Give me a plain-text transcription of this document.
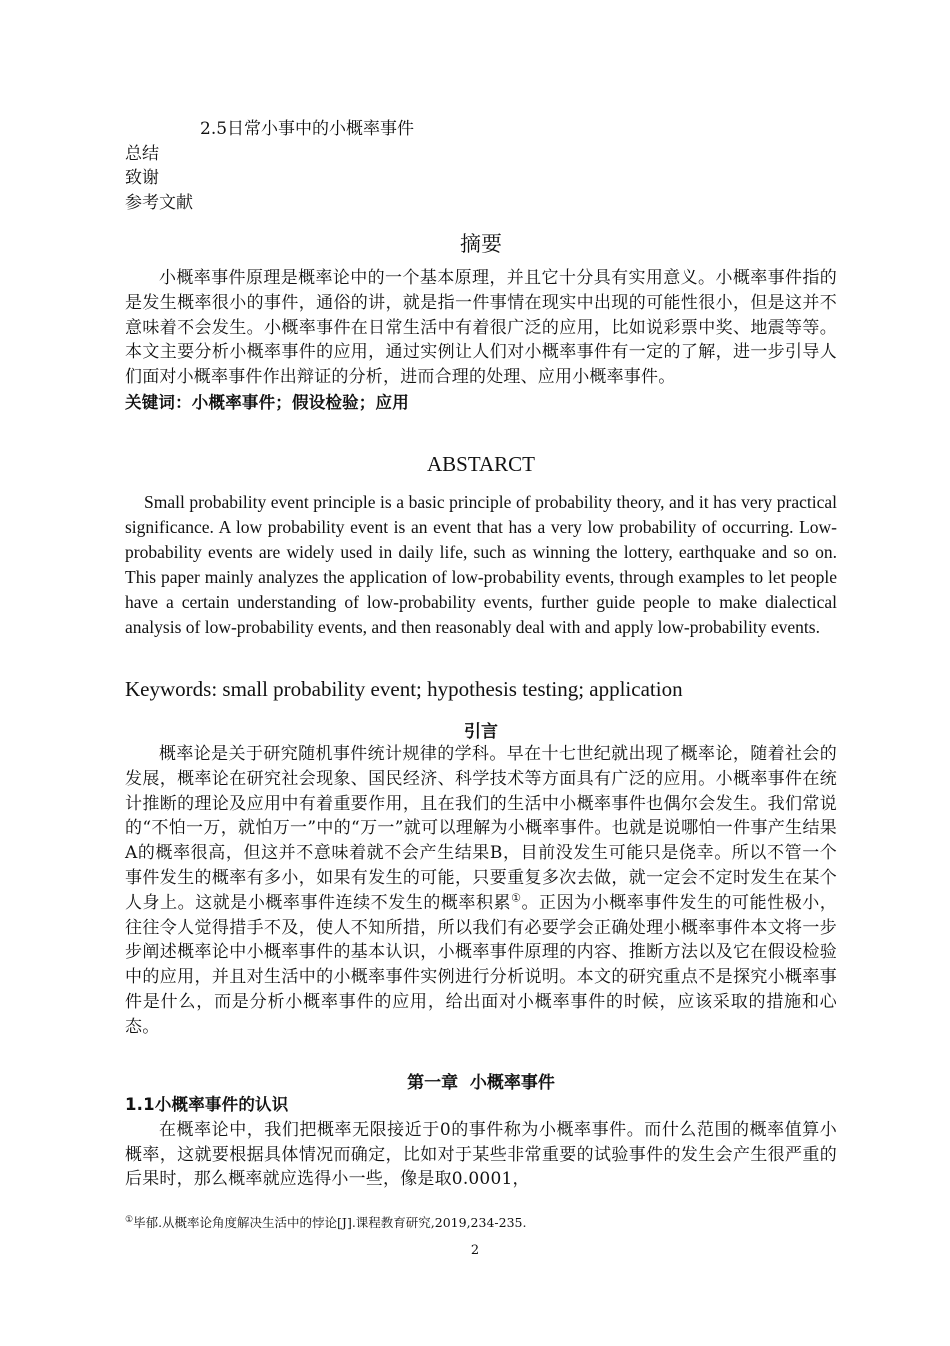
2.5日常小事中的小概率事件
总结
致谢
参考文献
摘要

小概率事件原理是概率论中的一个基本原理，并且它十分具有实用意义。小概率事件指的是发生概率很小的事件，通俗的讲，就是指一件事情在现实中出现的可能性很小，但是这并不意味着不会发生。小概率事件在日常生活中有着很广泛的应用，比如说彩票中奖、地震等等。本文主要分析小概率事件的应用，通过实例让人们对小概率事件有一定的了解，进一步引导人们面对小概率事件作出辩证的分析，进而合理的处理、应用小概率事件。

关键词：小概率事件；假设检验；应用

ABSTARCT

Small probability event principle is a basic principle of probability theory, and it has very practical significance. A low probability event is an event that has a very low probability of occurring. Low-probability events are widely used in daily life, such as winning the lottery, earthquake and so on. This paper mainly analyzes the application of low-probability events, through examples to let people have a certain understanding of low-probability events, further guide people to make dialectical analysis of low-probability events, and then reasonably deal with and apply low-probability events.

Keywords: small probability event; hypothesis testing; application
引言

概率论是关于研究随机事件统计规律的学科。早在十七世纪就出现了概率论，随着社会的发展，概率论在研究社会现象、国民经济、科学技术等方面具有广泛的应用。小概率事件在统计推断的理论及应用中有着重要作用，且在我们的生活中小概率事件也偶尔会发生。我们常说的“不怕一万，就怕万一”中的“万一”就可以理解为小概率事件。也就是说哪怕一件事产生结果A的概率很高，但这并不意味着就不会产生结果B，目前没发生可能只是侥幸。所以不管一个事件发生的概率有多小，如果有发生的可能，只要重复多次去做，就一定会不定时发生在某个人身上。这就是小概率事件连续不发生的概率积累①。正因为小概率事件发生的可能性极小，往往令人觉得措手不及，使人不知所措，所以我们有必要学会正确处理小概率事件本文将一步步阐述概率论中小概率事件的基本认识，小概率事件原理的内容、推断方法以及它在假设检验中的应用，并且对生活中的小概率事件实例进行分析说明。本文的研究重点不是探究小概率事件是什么，而是分析小概率事件的应用，给出面对小概率事件的时候，应该采取的措施和心态。

第一章  小概率事件

1.1小概率事件的认识

在概率论中，我们把概率无限接近于0的事件称为小概率事件。而什么范围的概率值算小概率，这就要根据具体情况而确定，比如对于某些非常重要的试验事件的发生会产生很严重的后果时，那么概率就应选得小一些，像是取0.0001，

①毕郁.从概率论角度解决生活中的悖论[J].课程教育研究,2019,234-235.
2
